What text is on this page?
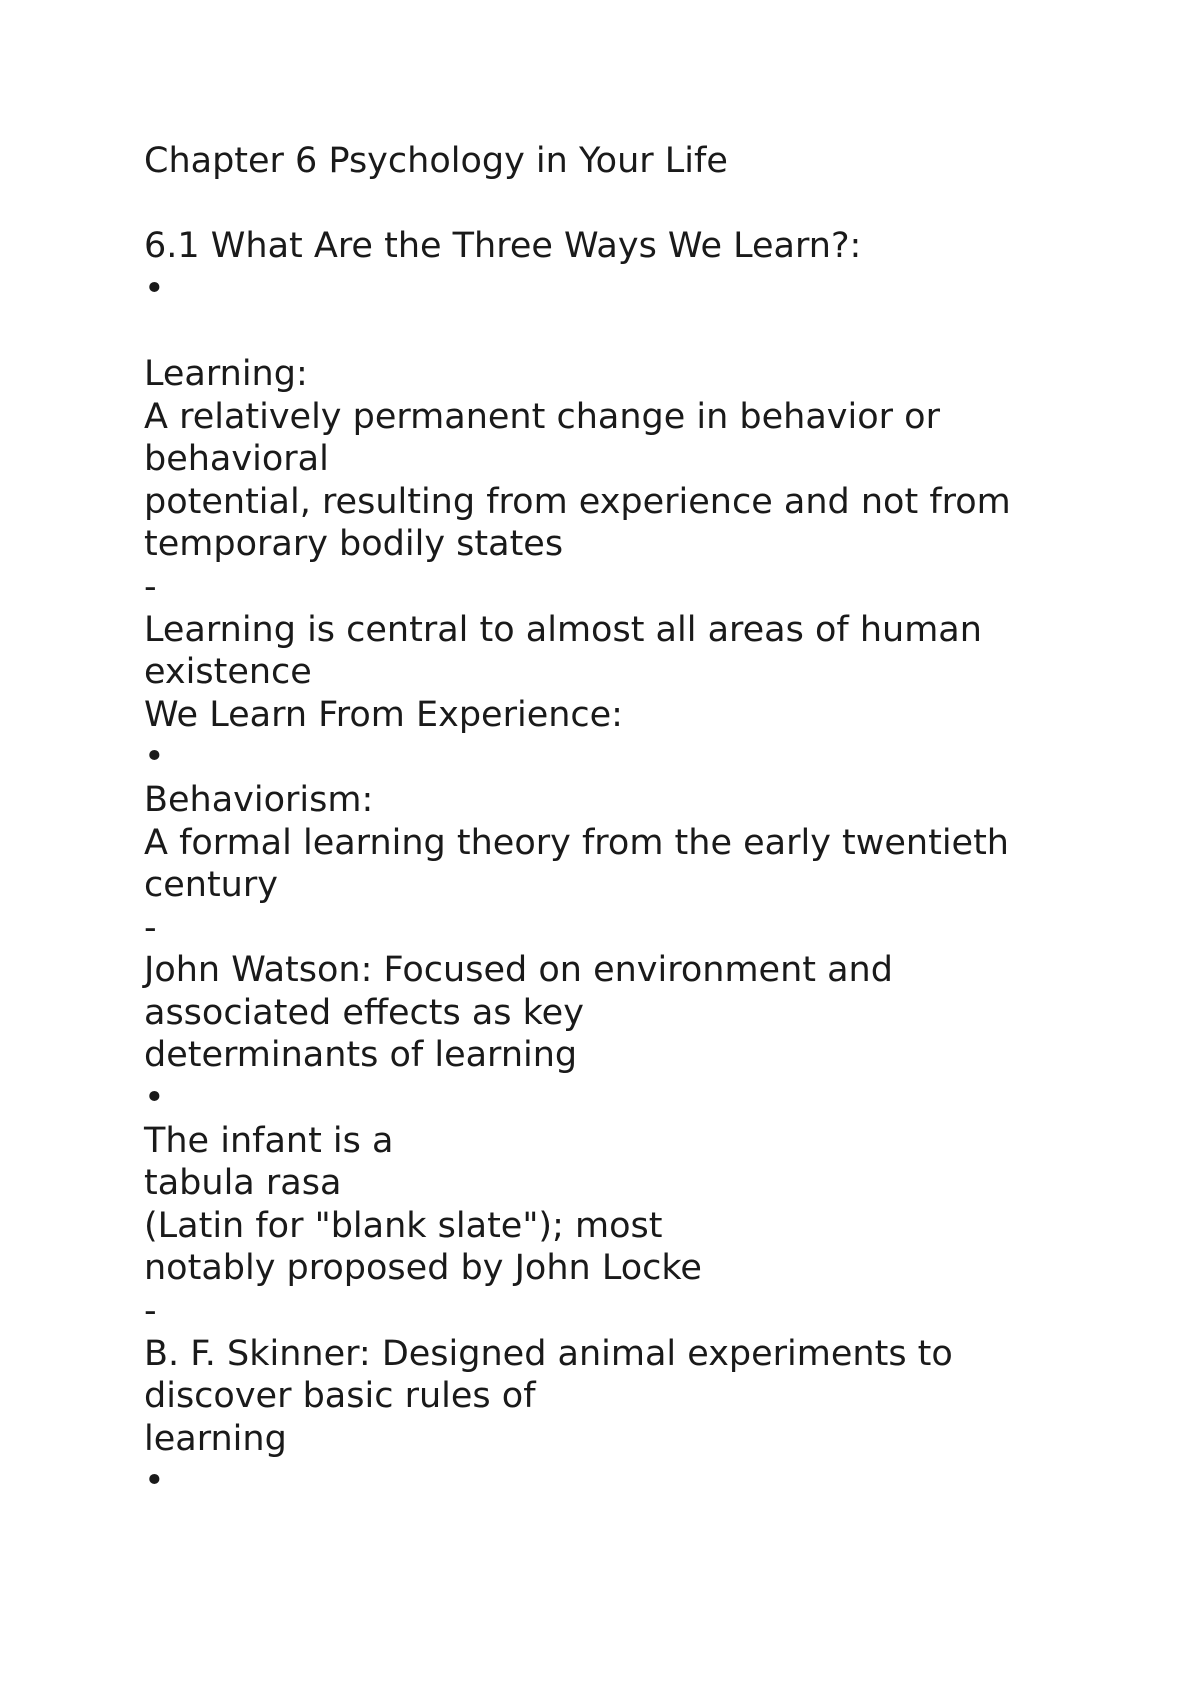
Chapter 6 Psychology in Your Life
6.1 What Are the Three Ways We Learn?:
•
Learning:
A relatively permanent change in behavior or
behavioral
potential, resulting from experience and not from
temporary bodily states
-
Learning is central to almost all areas of human
existence
We Learn From Experience:
•
Behaviorism:
A formal learning theory from the early twentieth
century
-
John Watson: Focused on environment and
associated effects as key
determinants of learning
•
The infant is a
tabula rasa
(Latin for "blank slate"); most
notably proposed by John Locke
-
B. F. Skinner: Designed animal experiments to
discover basic rules of
learning
•
